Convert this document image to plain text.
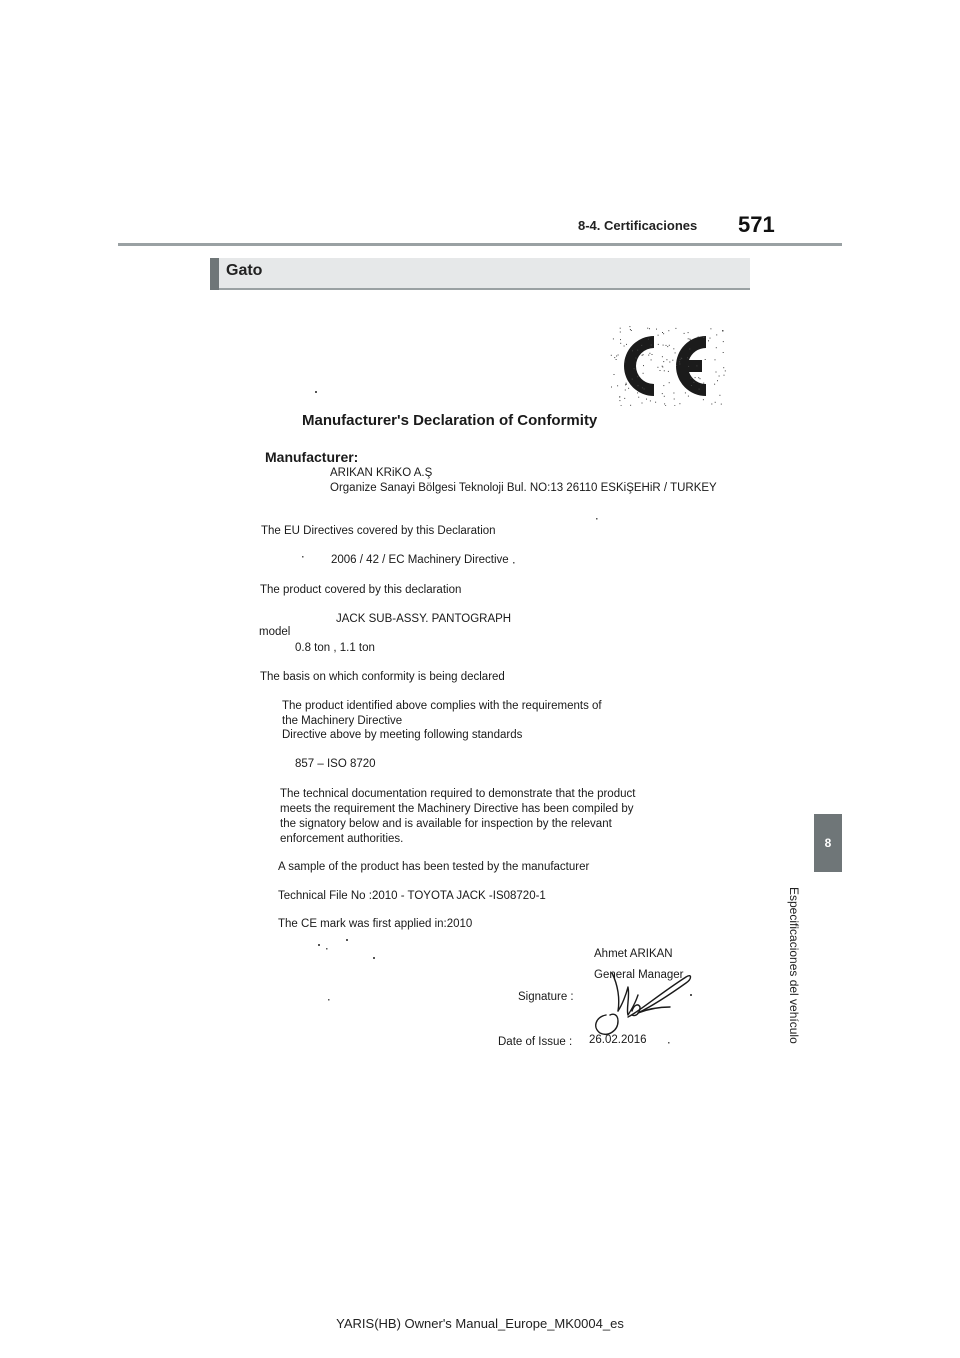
8-4. Certificaciones 571
Gato
8
Especificaciones del vehículo
Manufacturer's Declaration of Conformity
Manufacturer:
ARIKAN KRiKO A.Ş
Organize Sanayi Bölgesi Teknoloji Bul. NO:13 26110 ESKiŞEHiR / TURKEY
The EU Directives covered by this Declaration
2006 / 42 / EC Machinery Directive
The product covered by this declaration
JACK SUB-ASSY. PANTOGRAPH
model
0.8 ton , 1.1 ton
The basis on which conformity is being declared
The product identified above complies with the requirements of
the Machinery Directive
Directive above by meeting following standards
857 – ISO 8720
The technical documentation required to demonstrate that the product
meets the requirement the Machinery Directive has been compiled by
the signatory below and is available for inspection by the relevant
enforcement authorities.
A sample of the product has been tested by the manufacturer
Technical File No :2010 - TOYOTA JACK -IS08720-1
The CE mark was first applied in:2010
Ahmet ARIKAN
General Manager
Signature :
Date of Issue : 26.02.2016
YARIS(HB) Owner's Manual_Europe_MK0004_es
